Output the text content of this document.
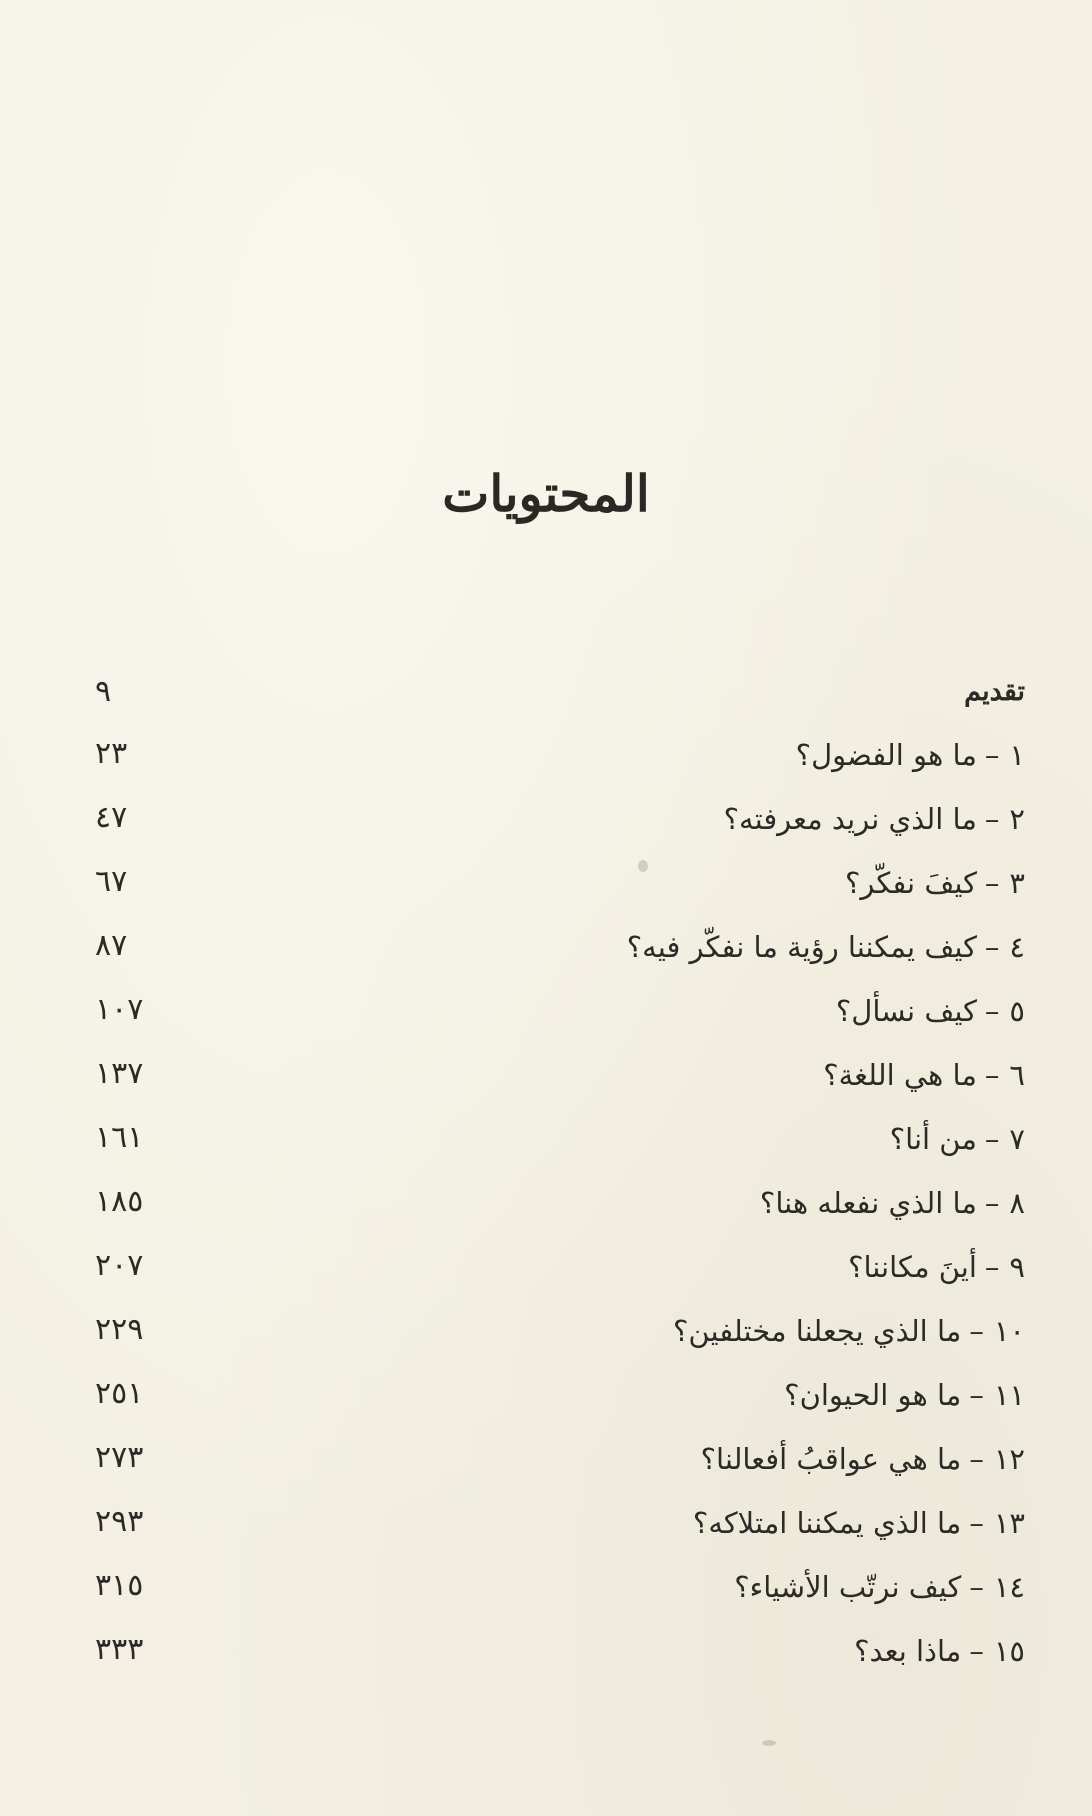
المحتويات
تقديم
٩
١–ما هو الفضول؟
٢٣
٢–ما الذي نريد معرفته؟
٤٧
٣–كيفَ نفكّر؟
٦٧
٤–كيف يمكننا رؤية ما نفكّر فيه؟
٨٧
٥–كيف نسأل؟
١٠٧
٦–ما هي اللغة؟
١٣٧
٧–من أنا؟
١٦١
٨–ما الذي نفعله هنا؟
١٨٥
٩–أينَ مكاننا؟
٢٠٧
١٠–ما الذي يجعلنا مختلفين؟
٢٢٩
١١–ما هو الحيوان؟
٢٥١
١٢–ما هي عواقبُ أفعالنا؟
٢٧٣
١٣–ما الذي يمكننا امتلاكه؟
٢٩٣
١٤–كيف نرتّب الأشياء؟
٣١٥
١٥–ماذا بعد؟
٣٣٣
